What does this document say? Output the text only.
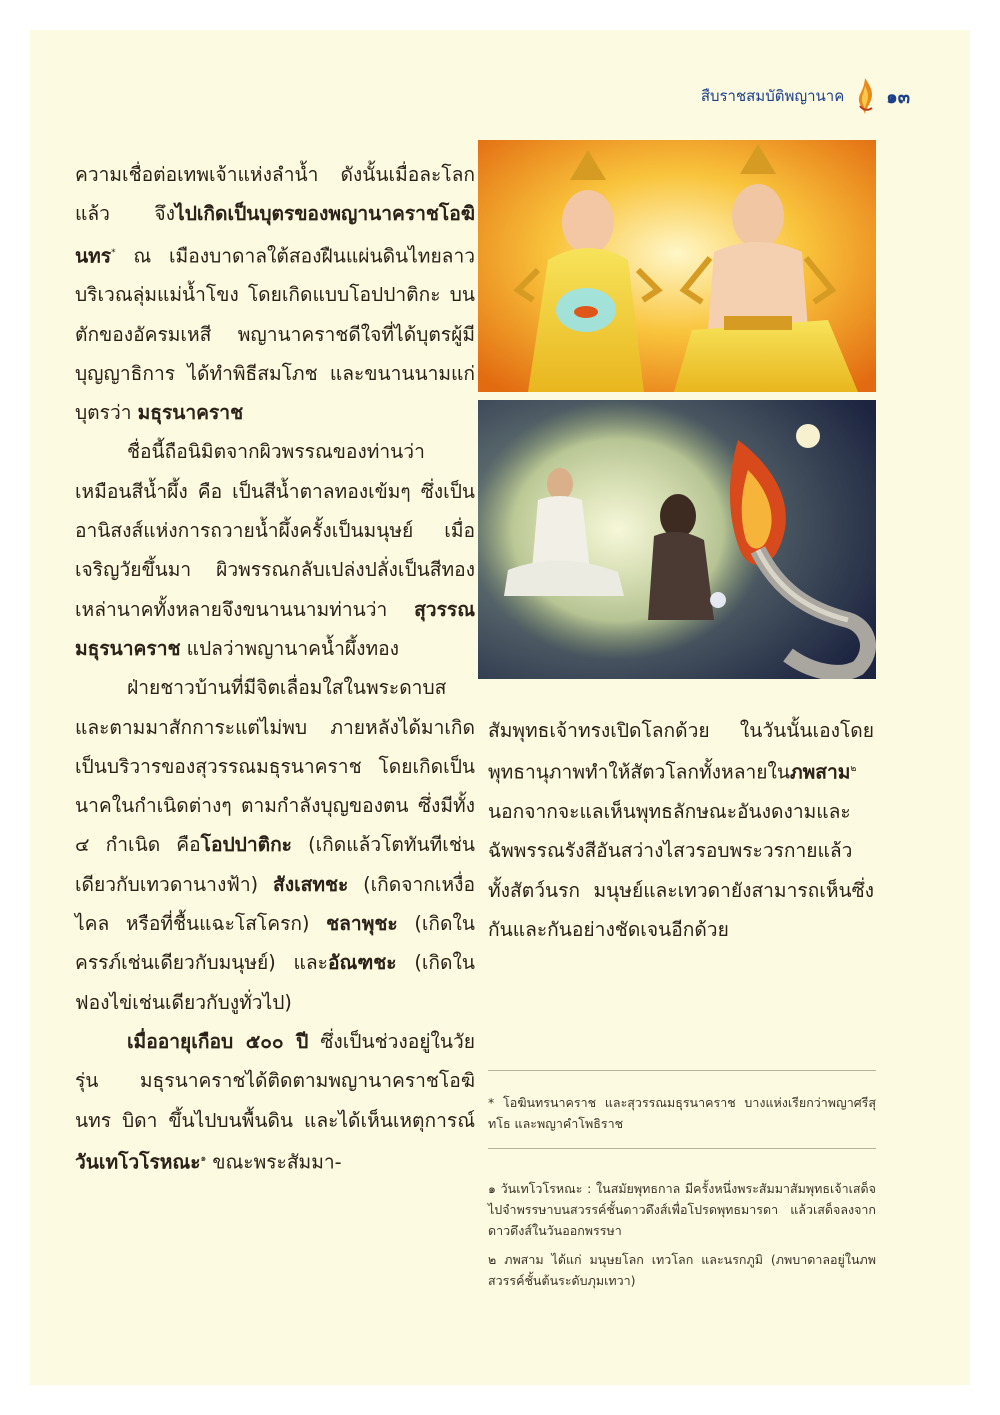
สืบราชสมบัติพญานาค ๑๓

ความเชื่อต่อเทพเจ้าแห่งลำน้ำ ดังนั้นเมื่อละโลกแล้ว จึงไปเกิดเป็นบุตรของพญานาคราชโอฆินทร* ณ เมืองบาดาลใต้สองฝืนแผ่นดินไทยลาว บริเวณลุ่มแม่น้ำโขง โดยเกิดแบบโอปปาติกะ บนตักของอัครมเหสี พญานาคราชดีใจที่ได้บุตรผู้มีบุญญาธิการ ได้ทำพิธีสมโภช และขนานนามแก่บุตรว่า มธุรนาคราช

ชื่อนี้ถือนิมิตจากผิวพรรณของท่านว่าเหมือนสีน้ำผึ้ง คือ เป็นสีน้ำตาลทองเข้มๆ ซึ่งเป็นอานิสงส์แห่งการถวายน้ำผึ้งครั้งเป็นมนุษย์ เมื่อเจริญวัยขึ้นมา ผิวพรรณกลับเปล่งปลั่งเป็นสีทอง เหล่านาคทั้งหลายจึงขนานนามท่านว่า สุวรรณมธุรนาคราช แปลว่าพญานาคน้ำผึ้งทอง

ฝ่ายชาวบ้านที่มีจิตเลื่อมใสในพระดาบสและตามมาสักการะแต่ไม่พบ ภายหลังได้มาเกิดเป็นบริวารของสุวรรณมธุรนาคราช โดยเกิดเป็นนาคในกำเนิดต่างๆ ตามกำลังบุญของตน ซึ่งมีทั้ง ๔ กำเนิด คือโอปปาติกะ (เกิดแล้วโตทันทีเช่นเดียวกับเทวดานางฟ้า) สังเสทชะ (เกิดจากเหงื่อไคล หรือที่ชื้นแฉะโสโครก) ชลาพุชะ (เกิดในครรภ์เช่นเดียวกับมนุษย์) และอัณฑชะ (เกิดในฟองไข่เช่นเดียวกับงูทั่วไป)

เมื่ออายุเกือบ ๕๐๐ ปี ซึ่งเป็นช่วงอยู่ในวัยรุ่น มธุรนาคราชได้ติดตามพญานาคราชโอฆินทร บิดา ขึ้นไปบนพื้นดิน และได้เห็นเหตุการณ์วันเทโวโรหณะ$^๑$ ขณะพระสัมมา-

สัมพุทธเจ้าทรงเปิดโลกด้วย ในวันนั้นเองโดยพุทธานุภาพทำให้สัตวโลกทั้งหลายในภพสาม$^๒$ นอกจากจะแลเห็นพุทธลักษณะอันงดงามและฉัพพรรณรังสีอันสว่างไสวรอบพระวรกายแล้ว ทั้งสัตว์นรก มนุษย์และเทวดายังสามารถเห็นซึ่งกันและกันอย่างชัดเจนอีกด้วย

* โอฆินทรนาคราช และสุวรรณมธุรนาคราช บางแห่งเรียกว่าพญาศรีสุทโธ และพญาคำโพธิราช
๑ วันเทโวโรหณะ : ในสมัยพุทธกาล มีครั้งหนึ่งพระสัมมาสัมพุทธเจ้าเสด็จไปจำพรรษาบนสวรรค์ชั้นดาวดึงส์เพื่อโปรดพุทธมารดา แล้วเสด็จลงจากดาวดึงส์ในวันออกพรรษา
๒ ภพสาม ได้แก่ มนุษยโลก เทวโลก และนรกภูมิ (ภพบาดาลอยู่ในภพสวรรค์ชั้นต้นระดับภุมเทวา)
